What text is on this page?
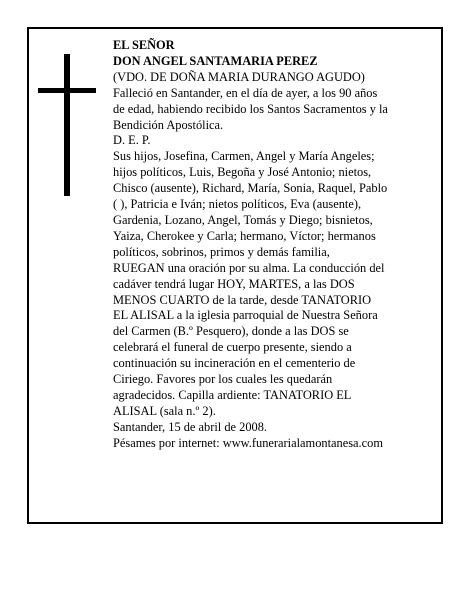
EL SEÑOR
DON ANGEL SANTAMARIA PEREZ
(VDO. DE DOÑA MARIA DURANGO AGUDO)
Falleció en Santander, en el día de ayer, a los 90 años
de edad, habiendo recibido los Santos Sacramentos y la
Bendición Apostólica.
D. E. P.
Sus hijos, Josefina, Carmen, Angel y María Angeles;
hijos políticos, Luis, Begoña y José Antonio; nietos,
Chisco (ausente), Richard, María, Sonia, Raquel, Pablo
( ), Patricia e Iván; nietos políticos, Eva (ausente),
Gardenia, Lozano, Angel, Tomás y Diego; bisnietos,
Yaiza, Cherokee y Carla; hermano, Víctor; hermanos
políticos, sobrinos, primos y demás familia,
RUEGAN una oración por su alma. La conducción del
cadáver tendrá lugar HOY, MARTES, a las DOS
MENOS CUARTO de la tarde, desde TANATORIO
EL ALISAL a la iglesia parroquial de Nuestra Señora
del Carmen (B.º Pesquero), donde a las DOS se
celebrará el funeral de cuerpo presente, siendo a
continuación su incineración en el cementerio de
Ciriego. Favores por los cuales les quedarán
agradecidos. Capilla ardiente: TANATORIO EL
ALISAL (sala n.º 2).
Santander, 15 de abril de 2008.
Pésames por internet: www.funerarialamontanesa.com
